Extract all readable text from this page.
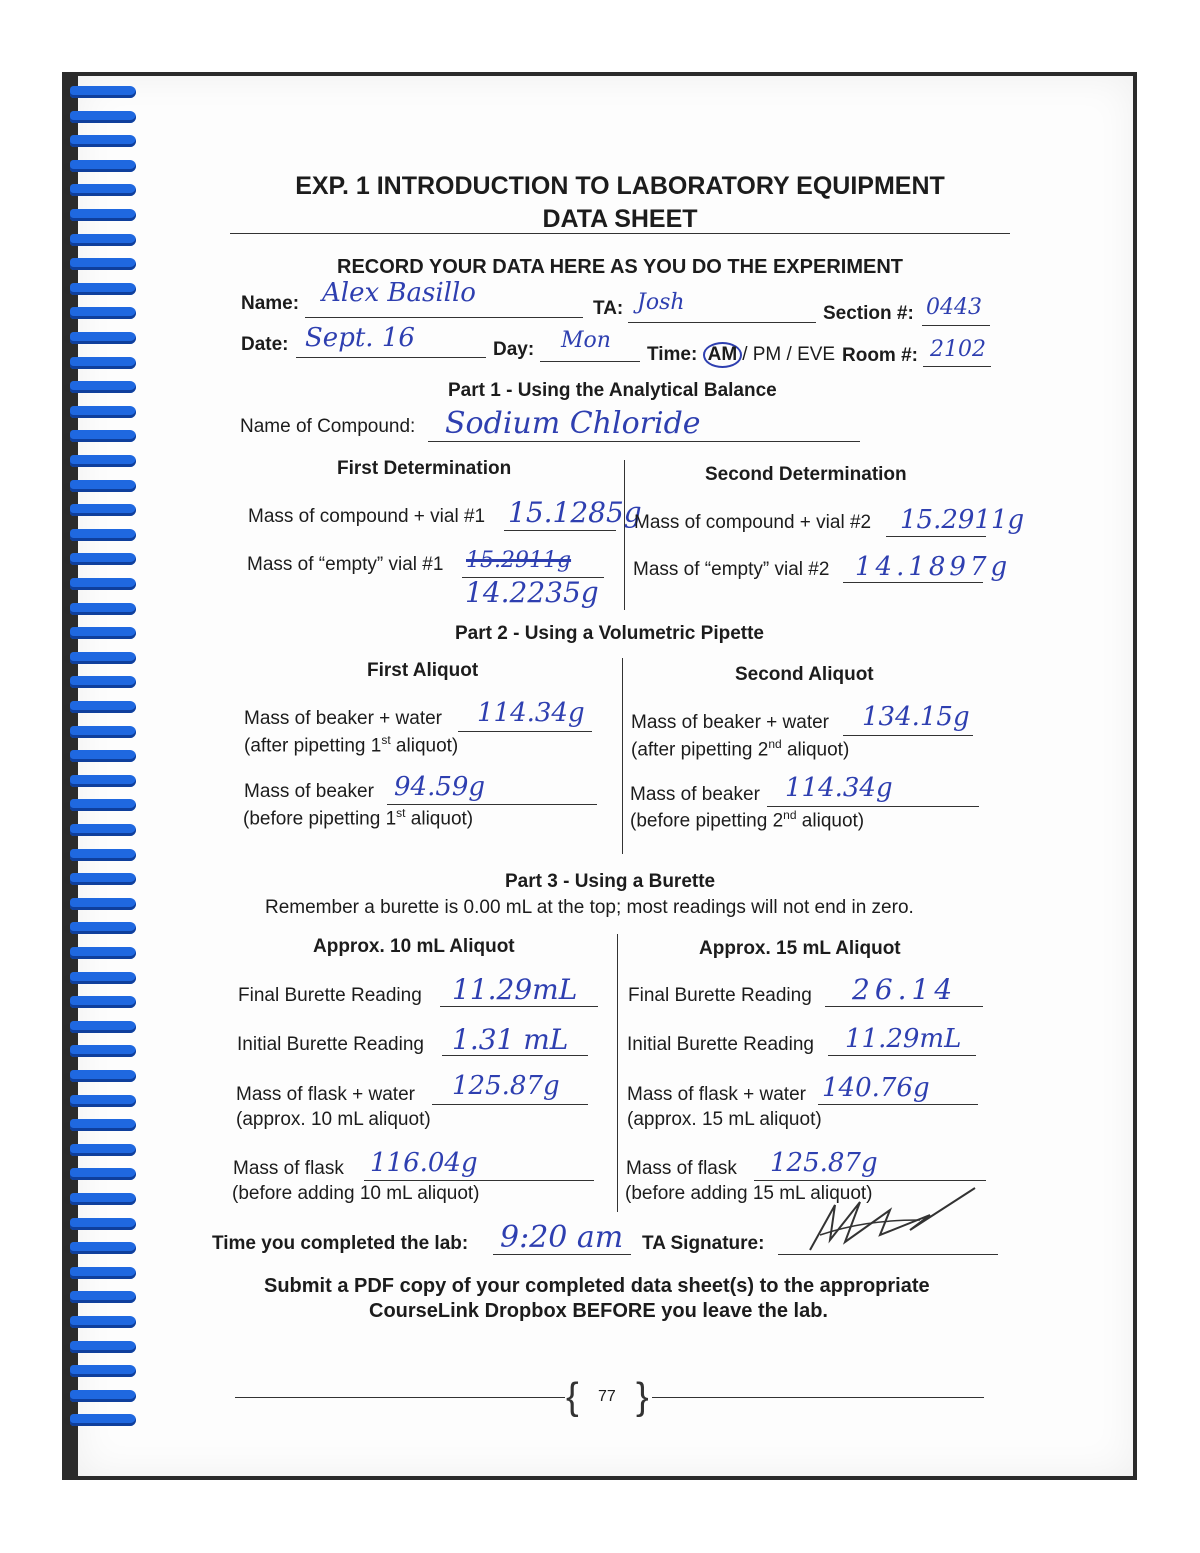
EXP. 1 INTRODUCTION TO LABORATORY EQUIPMENT
DATA SHEET
RECORD YOUR DATA HERE AS YOU DO THE EXPERIMENT
Name: Alex Basillo
TA: Josh	Section #: 0443
Date: Sept. 16	Day: Mon
Time: AM / PM / EVE Room #: 2102
Part 1 - Using the Analytical Balance
Name of Compound: Sodium Chloride
First Determination	Second Determination
Mass of compound + vial #1 15.1285g
Mass of compound + vial #2 15.2911g
Mass of “empty” vial #1 15.2911g
14.2235g
Mass of “empty” vial #2 14.1897g
Part 2 - Using a Volumetric Pipette
First Aliquot	Second Aliquot
Mass of beaker + water 114.34g
(after pipetting 1st aliquot)
Mass of beaker + water 134.15g
(after pipetting 2nd aliquot)
Mass of beaker 94.59g
(before pipetting 1st aliquot)
Mass of beaker 114.34g
(before pipetting 2nd aliquot)
Part 3 - Using a Burette
Remember a burette is 0.00 mL at the top; most readings will not end in zero.
Approx. 10 mL Aliquot	Approx. 15 mL Aliquot
Final Burette Reading 11.29mL	Final Burette Reading 26.14
Initial Burette Reading 1.31 mL	Initial Burette Reading 11.29mL
Mass of flask + water 125.87g
(approx. 10 mL aliquot)
Mass of flask + water 140.76g
(approx. 15 mL aliquot)
Mass of flask 116.04g
(before adding 10 mL aliquot)
Mass of flask 125.87g
(before adding 15 mL aliquot)
Time you completed the lab: 9:20 am TA Signature:
Submit a PDF copy of your completed data sheet(s) to the appropriate
CourseLink Dropbox BEFORE you leave the lab.
{ 77 }
